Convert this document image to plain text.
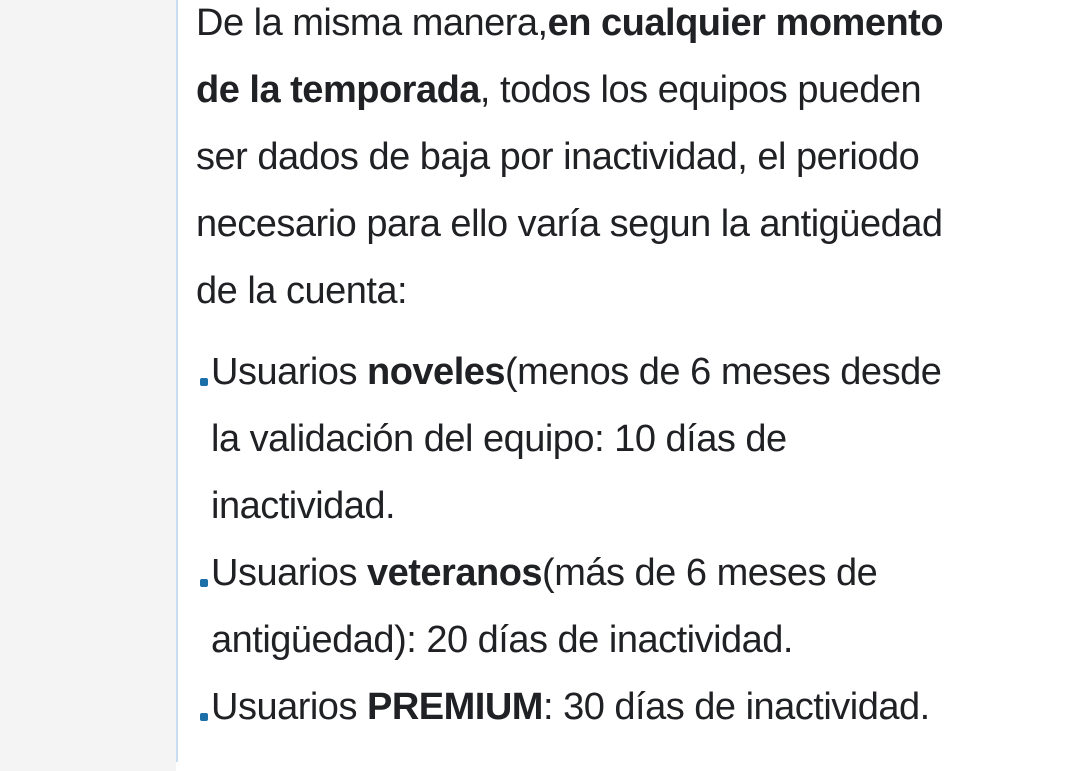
De la misma manera,en cualquier momento
de la temporada, todos los equipos pueden
ser dados de baja por inactividad, el periodo
necesario para ello varía segun la antigüedad
de la cuenta:
Usuarios noveles(menos de 6 meses desde
la validación del equipo: 10 días de
inactividad.
Usuarios veteranos(más de 6 meses de
antigüedad): 20 días de inactividad.
Usuarios PREMIUM: 30 días de inactividad.
